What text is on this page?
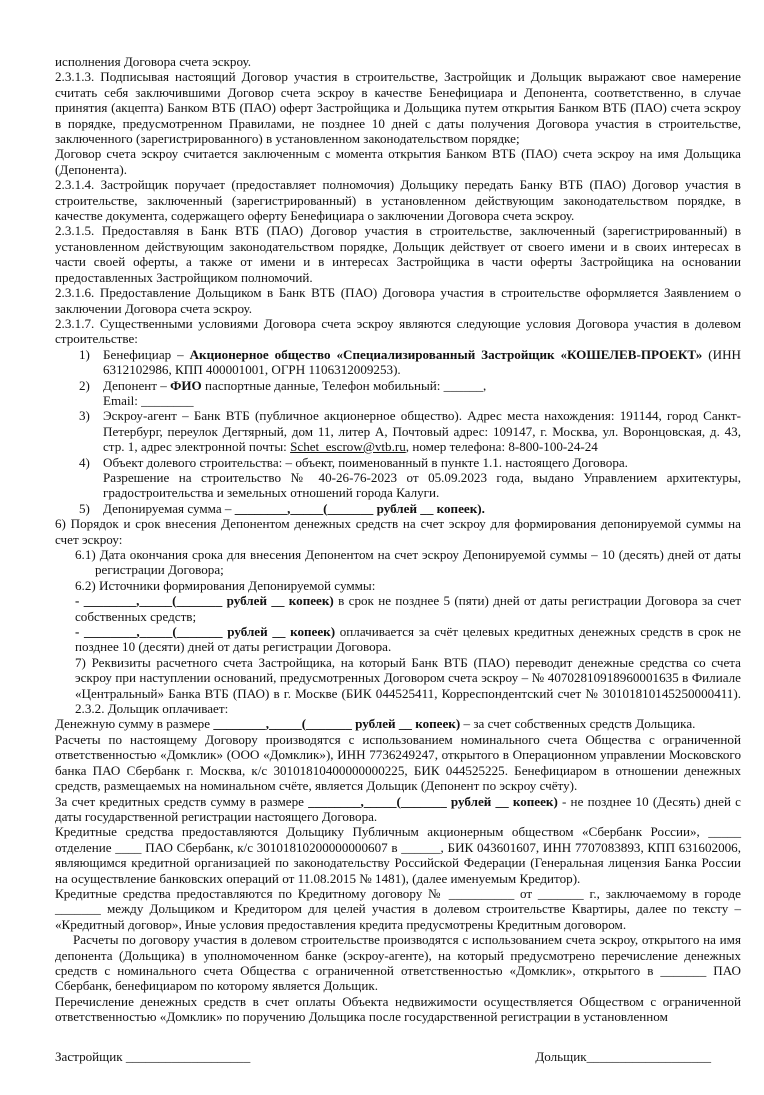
исполнения Договора счета эскроу.

2.3.1.3. Подписывая настоящий Договор участия в строительстве, Застройщик и Дольщик выражают свое намерение считать себя заключившими Договор счета эскроу в качестве Бенефициара и Депонента, соответственно, в случае принятия (акцепта) Банком ВТБ (ПАО) оферт Застройщика и Дольщика путем открытия Банком ВТБ (ПАО) счета эскроу в порядке, предусмотренном Правилами, не позднее 10 дней с даты получения Договора участия в строительстве, заключенного (зарегистрированного) в установленном законодательством порядке;

Договор счета эскроу считается заключенным с момента открытия Банком ВТБ (ПАО) счета эскроу на имя Дольщика (Депонента).

2.3.1.4. Застройщик поручает (предоставляет полномочия) Дольщику передать Банку ВТБ (ПАО) Договор участия в строительстве, заключенный (зарегистрированный) в установленном действующим законодательством порядке, в качестве документа, содержащего оферту Бенефициара о заключении Договора счета эскроу.

2.3.1.5. Предоставляя в Банк ВТБ (ПАО) Договор участия в строительстве, заключенный (зарегистрированный) в установленном действующим законодательством порядке, Дольщик действует от своего имени и в своих интересах в части своей оферты, а также от имени и в интересах Застройщика в части оферты Застройщика на основании предоставленных Застройщиком полномочий.

2.3.1.6. Предоставление Дольщиком в Банк ВТБ (ПАО) Договора участия в строительстве оформляется Заявлением о заключении Договора счета эскроу.

2.3.1.7. Существенными условиями Договора счета эскроу являются следующие условия Договора участия в долевом строительстве:

1) Бенефициар – Акционерное общество «Специализированный Застройщик «КОШЕЛЕВ-ПРОЕКТ» (ИНН 6312102986, КПП 400001001, ОГРН 1106312009253).

2) Депонент – ФИО паспортные данные, Телефон мобильный: ______,

Email: ________

3) Эскроу-агент – Банк ВТБ (публичное акционерное общество). Адрес места нахождения: 191144, город Санкт-Петербург, переулок Дегтярный, дом 11, литер А, Почтовый адрес: 109147, г. Москва, ул. Воронцовская, д. 43, стр. 1, адрес электронной почты: Schet_escrow@vtb.ru, номер телефона: 8-800-100-24-24

4) Объект долевого строительства: – объект, поименованный в пункте 1.1. настоящего Договора.

Разрешение на строительство № 40-26-76-2023 от 05.09.2023 года, выдано Управлением архитектуры, градостроительства и земельных отношений города Калуги.

5) Депонируемая сумма – ________,_____(_______ рублей __ копеек).

6) Порядок и срок внесения Депонентом денежных средств на счет эскроу для формирования депонируемой суммы на счет эскроу:

6.1) Дата окончания срока для внесения Депонентом на счет эскроу Депонируемой суммы – 10 (десять) дней от даты регистрации Договора;

6.2) Источники формирования Депонируемой суммы:

- ________,_____(_______ рублей __ копеек) в срок не позднее 5 (пяти) дней от даты регистрации Договора за счет собственных средств;

- ________,_____(_______ рублей __ копеек) оплачивается за счёт целевых кредитных денежных средств в срок не позднее 10 (десяти) дней от даты регистрации Договора.

7) Реквизиты расчетного счета Застройщика, на который Банк ВТБ (ПАО) переводит денежные средства со счета эскроу при наступлении оснований, предусмотренных Договором счета эскроу – № 40702810918960001635 в Филиале «Центральный» Банка ВТБ (ПАО) в г. Москве (БИК 044525411, Корреспондентский счет № 30101810145250000411). 2.3.2. Дольщик оплачивает:

Денежную сумму в размере ________,_____(_______ рублей __ копеек) – за счет собственных средств Дольщика.

Расчеты по настоящему Договору производятся с использованием номинального счета Общества с ограниченной ответственностью «Домклик» (ООО «Домклик»), ИНН 7736249247, открытого в Операционном управлении Московского банка ПАО Сбербанк г. Москва, к/с 30101810400000000225, БИК 044525225. Бенефициаром в отношении денежных средств, размещаемых на номинальном счёте, является Дольщик (Депонент по эскроу счёту).

За счет кредитных средств сумму в размере ________,_____(_______ рублей __ копеек) - не позднее 10 (Десять) дней с даты государственной регистрации настоящего Договора.

Кредитные средства предоставляются Дольщику Публичным акционерным обществом «Сбербанк России», _____ отделение ____ ПАО Сбербанк, к/с 30101810200000000607 в ______, БИК 043601607, ИНН 7707083893, КПП 631602006, являющимся кредитной организацией по законодательству Российской Федерации (Генеральная лицензия Банка России на осуществление банковских операций от 11.08.2015 № 1481), (далее именуемым Кредитор).

Кредитные средства предоставляются по Кредитному договору № __________ от _______ г., заключаемому в городе _______ между Дольщиком и Кредитором для целей участия в долевом строительстве Квартиры, далее по тексту – «Кредитный договор», Иные условия предоставления кредита предусмотрены Кредитным договором.

Расчеты по договору участия в долевом строительстве производятся с использованием счета эскроу, открытого на имя депонента (Дольщика) в уполномоченном банке (эскроу-агенте), на который предусмотрено перечисление денежных средств с номинального счета Общества с ограниченной ответственностью «Домклик», открытого в _______ ПАО Сбербанк, бенефициаром по которому является Дольщик.

Перечисление денежных средств в счет оплаты Объекта недвижимости осуществляется Обществом с ограниченной ответственностью «Домклик» по поручению Дольщика после государственной регистрации в установленном

Застройщик ___________________	Дольщик___________________
